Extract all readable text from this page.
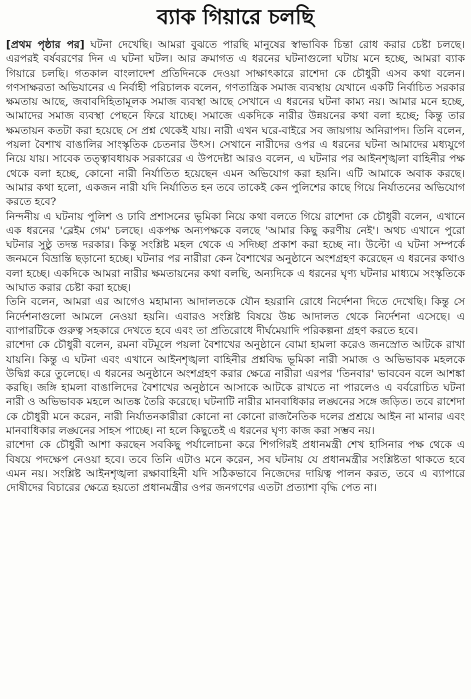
ব্যাক গিয়ারে চলছি

[প্রথম পৃষ্ঠার পর] ঘটনা দেখেছি। আমরা বুঝতে পারছি মানুষের স্বাভাবিক চিন্তা রোধ করার চেষ্টা চলছে। এরপরই বর্ষবরণের দিন এ ঘটনা ঘটল। আর ক্রমাগত এ ধরনের ঘটনাগুলো ঘটায় মনে হচ্ছে, আমরা ব্যাক গিয়ারে চলছি। গতকাল বাংলাদেশ প্রতিদিনকে দেওয়া সাক্ষাৎকারে রাশেদা কে চৌধুরী এসব কথা বলেন। গণসাক্ষরতা অভিযানের এ নির্বাহী পরিচালক বলেন, গণতান্ত্রিক সমাজ ব্যবস্থায় যেখানে একটি নির্বাচিত সরকার ক্ষমতায় আছে, জবাবদিহিতামূলক সমাজ ব্যবস্থা আছে সেখানে এ ধরনের ঘটনা কাম্য নয়। আমার মনে হচ্ছে, আমাদের সমাজ ব্যবস্থা পেছনে ফিরে যাচ্ছে। সমাজে একদিকে নারীর উন্নয়নের কথা বলা হচ্ছে; কিন্তু তার ক্ষমতায়ন কতটা করা হয়েছে সে প্রশ্ন থেকেই যায়। নারী এখন ঘরে-বাইরে সব জায়গায় অনিরাপদ। তিনি বলেন, পয়লা বৈশাখ বাঙালির সাংস্কৃতিক চেতনার উৎস। সেখানে নারীদের ওপর এ ধরনের ঘটনা আমাদের মধ্যযুগে নিয়ে যায়। সাবেক তত্ত্বাবধায়ক সরকারের এ উপদেষ্টা আরও বলেন, এ ঘটনার পর আইনশৃঙ্খলা বাহিনীর পক্ষ থেকে বলা হচ্ছে, কোনো নারী নির্যাতিত হয়েছেন এমন অভিযোগ করা হয়নি। এটি আমাকে অবাক করছে। আমার কথা হলো, একজন নারী যদি নির্যাতিত হন তবে তাকেই কেন পুলিশের কাছে গিয়ে নির্যাতনের অভিযোগ করতে হবে?

নিন্দনীয় এ ঘটনায় পুলিশ ও ঢাবি প্রশাসনের ভূমিকা নিয়ে কথা বলতে গিয়ে রাশেদা কে চৌধুরী বলেন, এখানে এক ধরনের 'ব্লেইম গেম' চলছে। একপক্ষ অন্যপক্ষকে বলছে 'আমার কিছু করণীয় নেই'। অথচ এখানে পুরো ঘটনার সুষ্ঠু তদন্ত দরকার। কিন্তু সংশ্লিষ্ট মহল থেকে এ সদিচ্ছা প্রকাশ করা হচ্ছে না। উল্টো এ ঘটনা সম্পর্কে জনমনে বিভ্রান্তি ছড়ানো হচ্ছে। ঘটনার পর নারীরা কেন বৈশাখের অনুষ্ঠানে অংশগ্রহণ করেছেন এ ধরনের কথাও বলা হচ্ছে। একদিকে আমরা নারীর ক্ষমতায়নের কথা বলছি, অন্যদিকে এ ধরনের ঘৃণ্য ঘটনার মাধ্যমে সংস্কৃতিকে আঘাত করার চেষ্টা করা হচ্ছে।

তিনি বলেন, আমরা এর আগেও মহামান্য আদালতকে যৌন হয়রানি রোধে নির্দেশনা দিতে দেখেছি। কিন্তু সে নির্দেশনাগুলো আমলে নেওয়া হয়নি। এবারও সংশ্লিষ্ট বিষয়ে উচ্চ আদালত থেকে নির্দেশনা এসেছে। এ ব্যাপারটিকে গুরুত্ব সহকারে দেখতে হবে এবং তা প্রতিরোধে দীর্ঘমেয়াদি পরিকল্পনা গ্রহণ করতে হবে।

রাশেদা কে চৌধুরী বলেন, রমনা বটমূলে পয়লা বৈশাখের অনুষ্ঠানে বোমা হামলা করেও জনস্রোত আটকে রাখা যায়নি। কিন্তু এ ঘটনা এবং এখানে আইনশৃঙ্খলা বাহিনীর প্রশ্নবিদ্ধ ভূমিকা নারী সমাজ ও অভিভাবক মহলকে উদ্বিগ্ন করে তুলেছে। এ ধরনের অনুষ্ঠানে অংশগ্রহণ করার ক্ষেত্রে নারীরা এরপর 'তিনবার' ভাববেন বলে আশঙ্কা করছি। জঙ্গি হামলা বাঙালিদের বৈশাখের অনুষ্ঠানে আসাকে আটকে রাখতে না পারলেও এ বর্বরোচিত ঘটনা নারী ও অভিভাবক মহলে আতঙ্ক তৈরি করেছে। ঘটনাটি নারীর মানবাধিকার লঙ্ঘনের সঙ্গে জড়িত। তবে রাশেদা কে চৌধুরী মনে করেন, নারী নির্যাতনকারীরা কোনো না কোনো রাজনৈতিক দলের প্রশ্রয়ে আইন না মানার এবং মানবাধিকার লঙ্ঘনের সাহস পাচ্ছে। না হলে কিছুতেই এ ধরনের ঘৃণ্য কাজ করা সম্ভব নয়।

রাশেদা কে চৌধুরী আশা করছেন সবকিছু পর্যালোচনা করে শিগগিরই প্রধানমন্ত্রী শেখ হাসিনার পক্ষ থেকে এ বিষয়ে পদক্ষেপ নেওয়া হবে। তবে তিনি এটাও মনে করেন, সব ঘটনায় যে প্রধানমন্ত্রীর সংশ্লিষ্টতা থাকতে হবে এমন নয়। সংশ্লিষ্ট আইনশৃঙ্খলা রক্ষাবাহিনী যদি সঠিকভাবে নিজেদের দায়িত্ব পালন করত, তবে এ ব্যাপারে দোষীদের বিচারের ক্ষেত্রে হয়তো প্রধানমন্ত্রীর ওপর জনগণের এতটা প্রত্যাশা বৃদ্ধি পেত না।
